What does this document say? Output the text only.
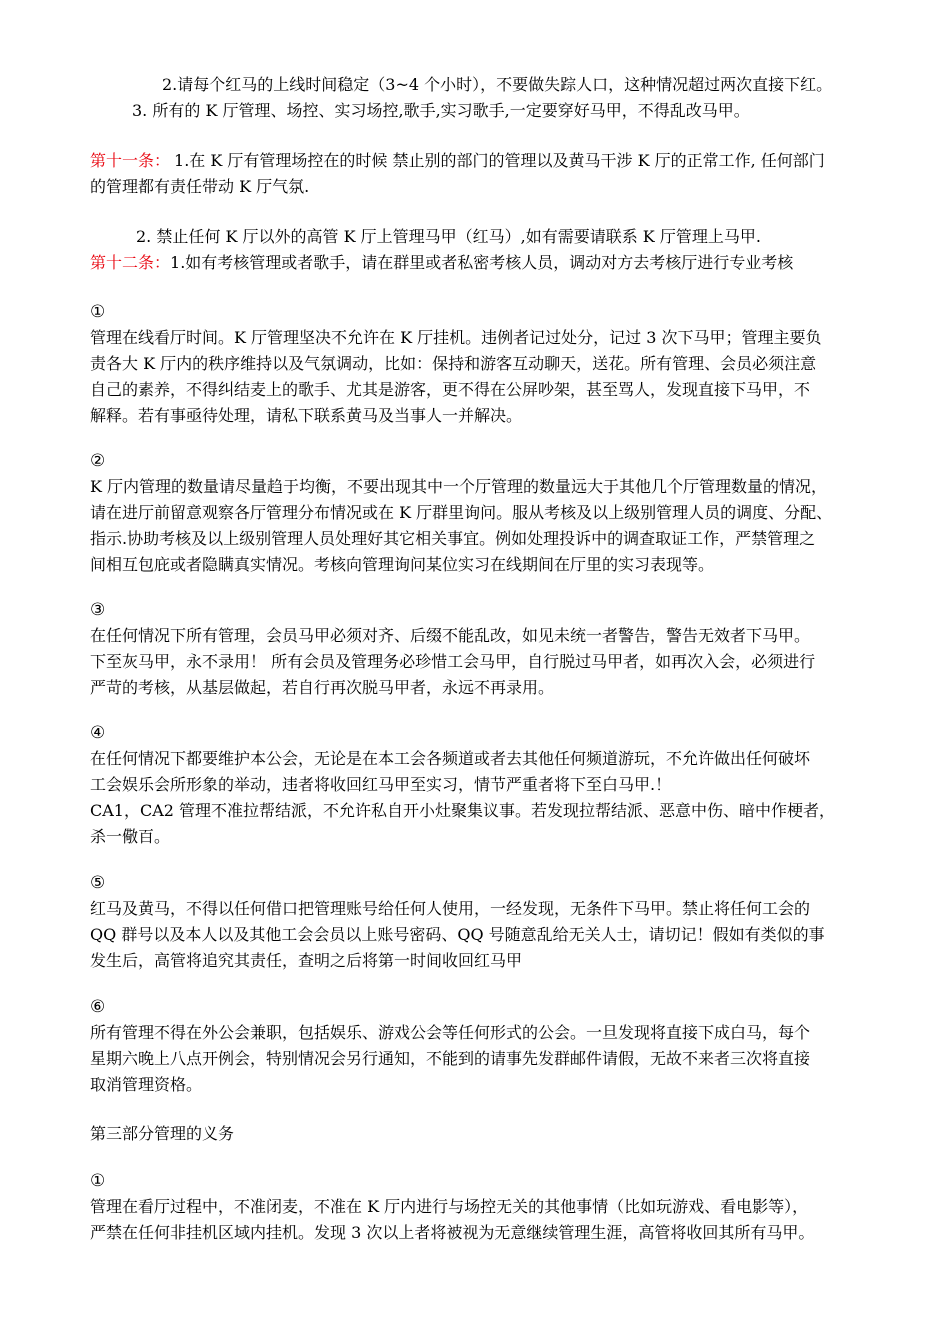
2.请每个红马的上线时间稳定（3~4 个小时），不要做失踪人口，这种情况超过两次直接下红。
3. 所有的 K 厅管理、场控、实习场控,歌手,实习歌手,一定要穿好马甲，不得乱改马甲。
第十一条： 1.在 K 厅有管理场控在的时候 禁止别的部门的管理以及黄马干涉 K 厅的正常工作, 任何部门
的管理都有责任带动 K 厅气氛.
2. 禁止任何 K 厅以外的高管 K 厅上管理马甲（红马）,如有需要请联系 K 厅管理上马甲.
第十二条：1.如有考核管理或者歌手，请在群里或者私密考核人员，调动对方去考核厅进行专业考核
①
管理在线看厅时间。K 厅管理坚决不允许在 K 厅挂机。违例者记过处分，记过 3 次下马甲；管理主要负
责各大 K 厅内的秩序维持以及气氛调动，比如：保持和游客互动聊天，送花。所有管理、会员必须注意
自己的素养，不得纠结麦上的歌手、尤其是游客，更不得在公屏吵架，甚至骂人，发现直接下马甲，不
解释。若有事亟待处理，请私下联系黄马及当事人一并解决。
②
K 厅内管理的数量请尽量趋于均衡，不要出现其中一个厅管理的数量远大于其他几个厅管理数量的情况，
请在进厅前留意观察各厅管理分布情况或在 K 厅群里询问。服从考核及以上级别管理人员的调度、分配、
指示.协助考核及以上级别管理人员处理好其它相关事宜。例如处理投诉中的调查取证工作，严禁管理之
间相互包庇或者隐瞒真实情况。考核向管理询问某位实习在线期间在厅里的实习表现等。
③
在任何情况下所有管理，会员马甲必须对齐、后缀不能乱改，如见未统一者警告，警告无效者下马甲。
下至灰马甲，永不录用！ 所有会员及管理务必珍惜工会马甲，自行脱过马甲者，如再次入会，必须进行
严苛的考核，从基层做起，若自行再次脱马甲者，永远不再录用。
④
在任何情况下都要维护本公会，无论是在本工会各频道或者去其他任何频道游玩，不允许做出任何破坏
工会娱乐会所形象的举动，违者将收回红马甲至实习，情节严重者将下至白马甲.！
CA1，CA2 管理不准拉帮结派，不允许私自开小灶聚集议事。若发现拉帮结派、恶意中伤、暗中作梗者，
杀一儆百。
⑤
红马及黄马，不得以任何借口把管理账号给任何人使用，一经发现，无条件下马甲。禁止将任何工会的
QQ 群号以及本人以及其他工会会员以上账号密码、QQ 号随意乱给无关人士，请切记！假如有类似的事
发生后，高管将追究其责任，查明之后将第一时间收回红马甲
⑥
所有管理不得在外公会兼职，包括娱乐、游戏公会等任何形式的公会。一旦发现将直接下成白马，每个
星期六晚上八点开例会，特别情况会另行通知，不能到的请事先发群邮件请假，无故不来者三次将直接
取消管理资格。
第三部分管理的义务
①
管理在看厅过程中，不准闭麦，不准在 K 厅内进行与场控无关的其他事情（比如玩游戏、看电影等），
严禁在任何非挂机区域内挂机。发现 3 次以上者将被视为无意继续管理生涯，高管将收回其所有马甲。
